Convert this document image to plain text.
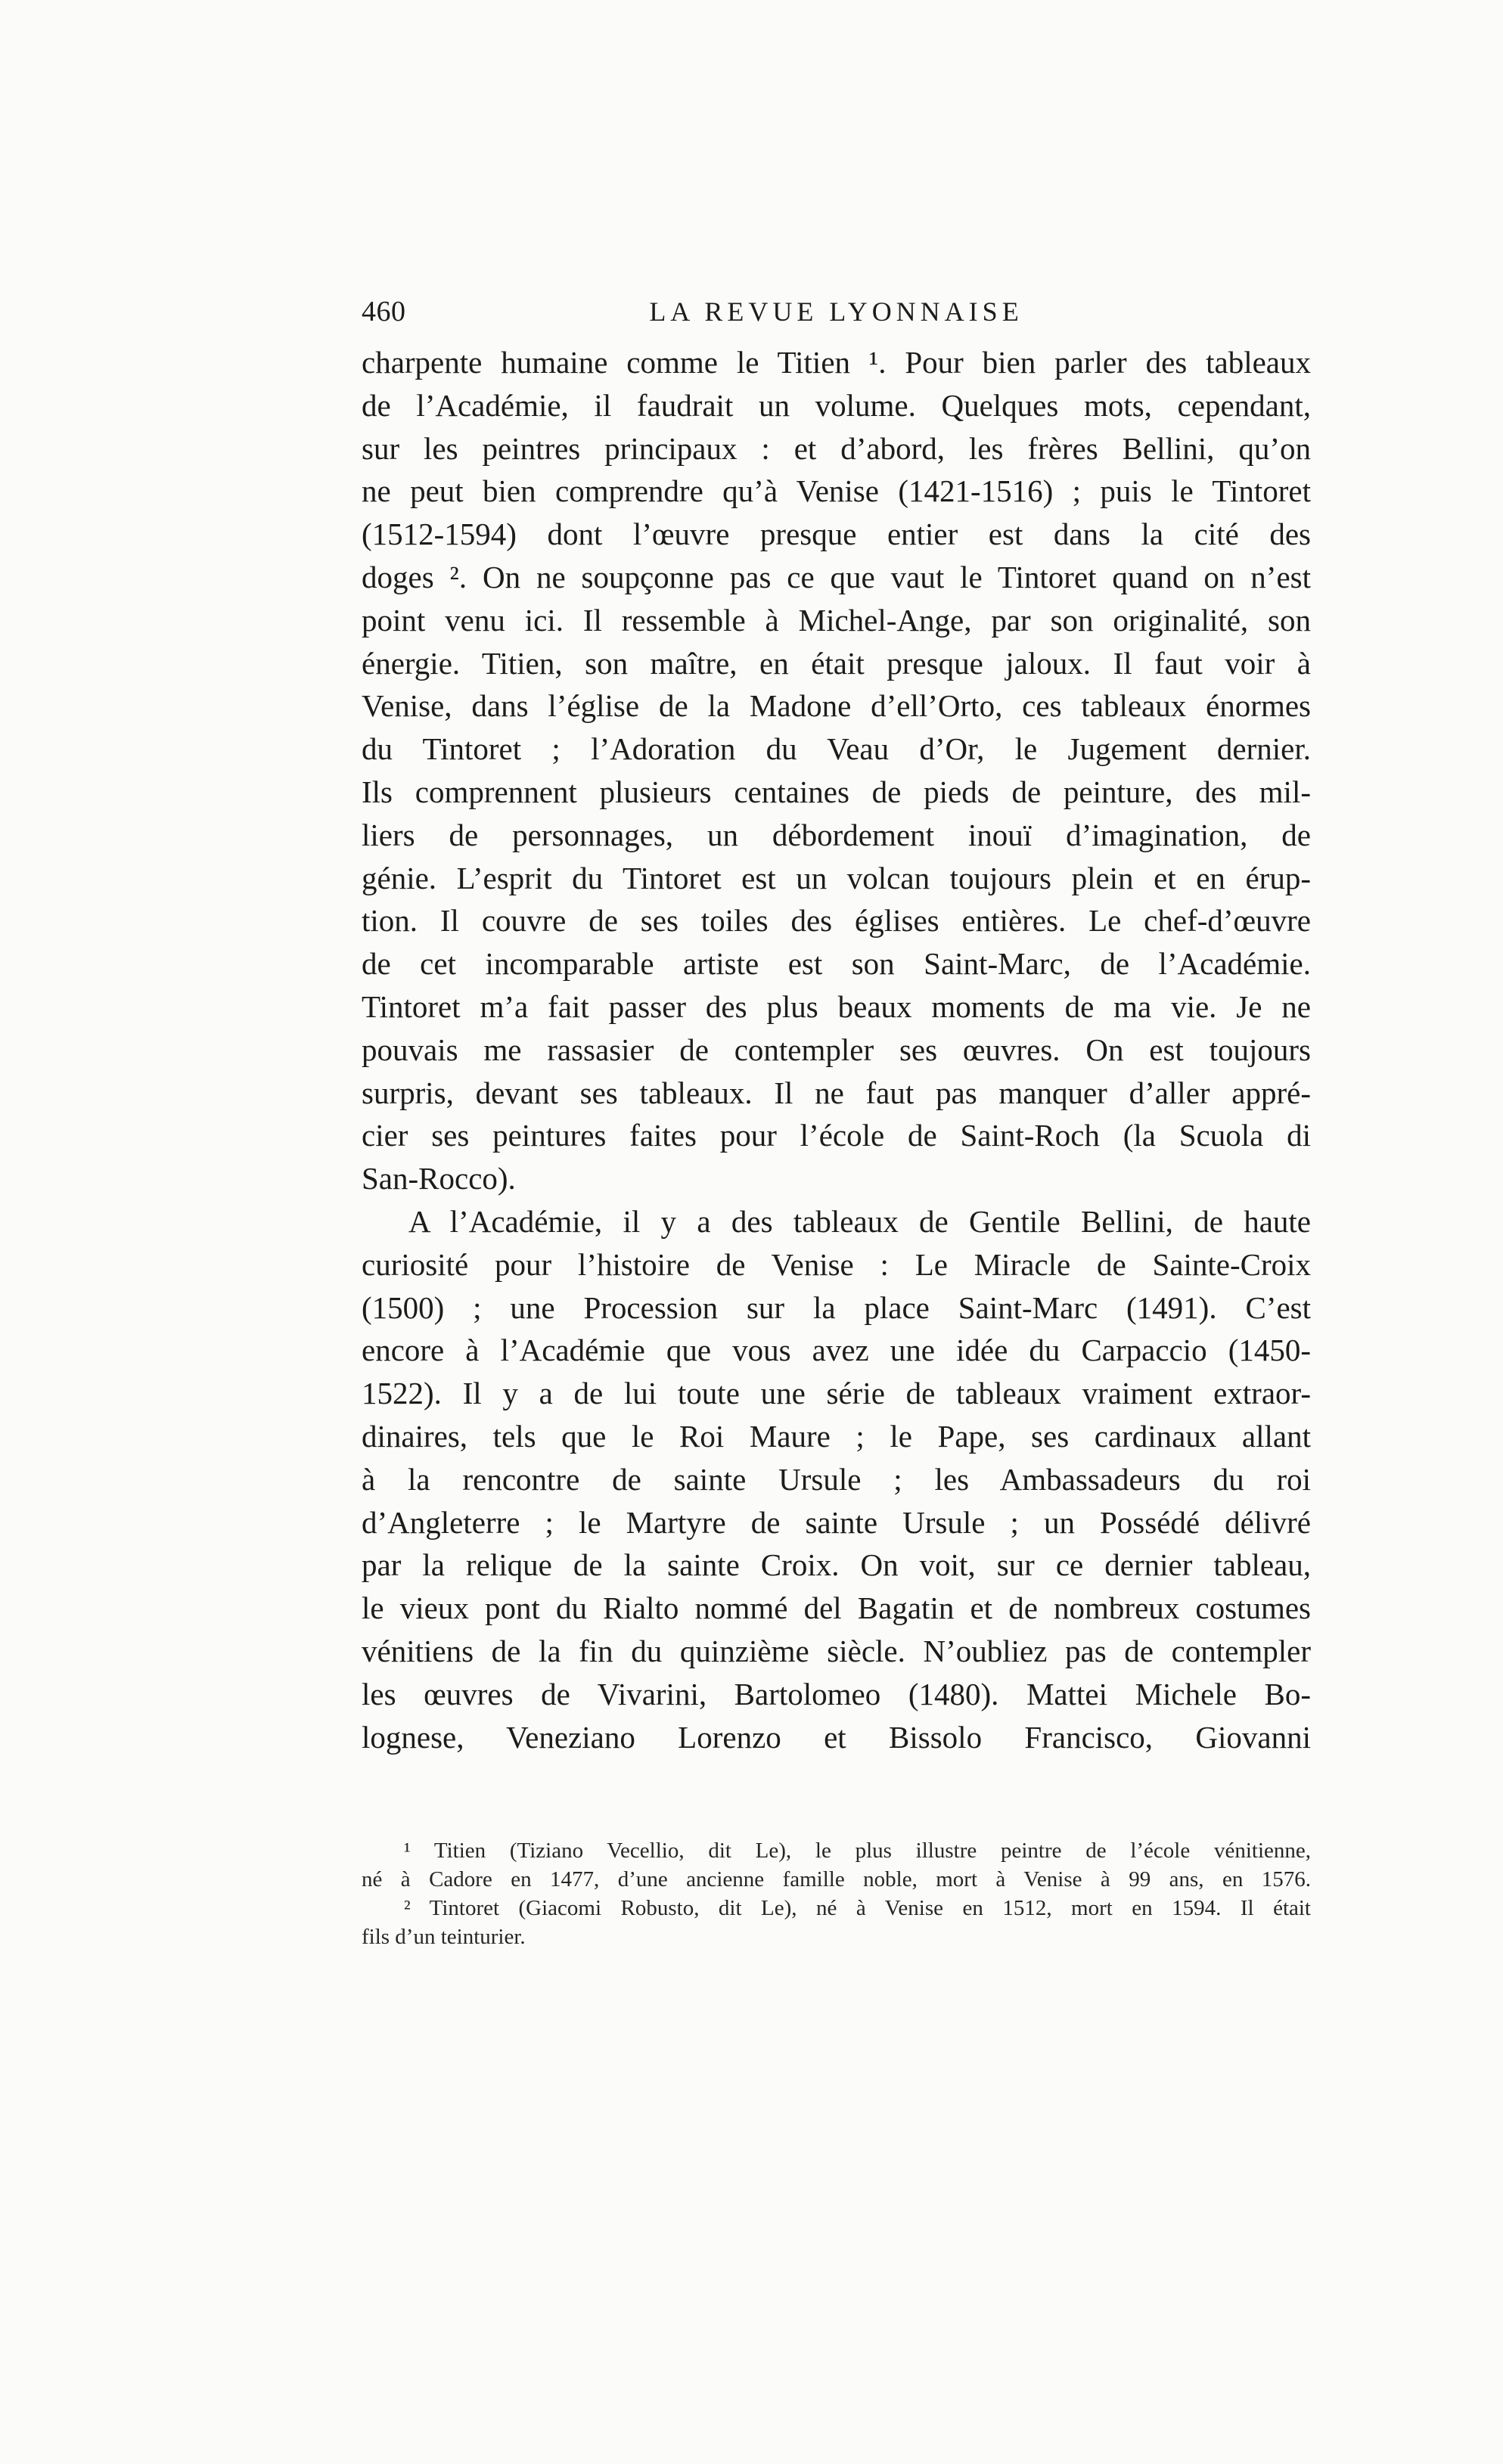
460	LA REVUE LYONNAISE
charpente humaine comme le Titien ¹. Pour bien parler des tableaux
de l’Académie, il faudrait un volume. Quelques mots, cependant,
sur les peintres principaux : et d’abord, les frères Bellini, qu’on
ne peut bien comprendre qu’à Venise (1421-1516) ; puis le Tintoret
(1512-1594) dont l’œuvre presque entier est dans la cité des
doges ². On ne soupçonne pas ce que vaut le Tintoret quand on n’est
point venu ici. Il ressemble à Michel-Ange, par son originalité, son
énergie. Titien, son maître, en était presque jaloux. Il faut voir à
Venise, dans l’église de la Madone d’ell’Orto, ces tableaux énormes
du Tintoret ; l’Adoration du Veau d’Or, le Jugement dernier.
Ils comprennent plusieurs centaines de pieds de peinture, des mil-
liers de personnages, un débordement inouï d’imagination, de
génie. L’esprit du Tintoret est un volcan toujours plein et en érup-
tion. Il couvre de ses toiles des églises entières. Le chef-d’œuvre
de cet incomparable artiste est son Saint-Marc, de l’Académie.
Tintoret m’a fait passer des plus beaux moments de ma vie. Je ne
pouvais me rassasier de contempler ses œuvres. On est toujours
surpris, devant ses tableaux. Il ne faut pas manquer d’aller appré-
cier ses peintures faites pour l’école de Saint-Roch (la Scuola di
San-Rocco).
A l’Académie, il y a des tableaux de Gentile Bellini, de haute
curiosité pour l’histoire de Venise : Le Miracle de Sainte-Croix
(1500) ; une Procession sur la place Saint-Marc (1491). C’est
encore à l’Académie que vous avez une idée du Carpaccio (1450-
1522). Il y a de lui toute une série de tableaux vraiment extraor-
dinaires, tels que le Roi Maure ; le Pape, ses cardinaux allant
à la rencontre de sainte Ursule ; les Ambassadeurs du roi
d’Angleterre ; le Martyre de sainte Ursule ; un Possédé délivré
par la relique de la sainte Croix. On voit, sur ce dernier tableau,
le vieux pont du Rialto nommé del Bagatin et de nombreux costumes
vénitiens de la fin du quinzième siècle. N’oubliez pas de contempler
les œuvres de Vivarini, Bartolomeo (1480). Mattei Michele Bo-
lognese, Veneziano Lorenzo et Bissolo Francisco, Giovanni
¹ Titien (Tiziano Vecellio, dit Le), le plus illustre peintre de l’école vénitienne,
né à Cadore en 1477, d’une ancienne famille noble, mort à Venise à 99 ans, en 1576.
² Tintoret (Giacomi Robusto, dit Le), né à Venise en 1512, mort en 1594. Il était
fils d’un teinturier.
